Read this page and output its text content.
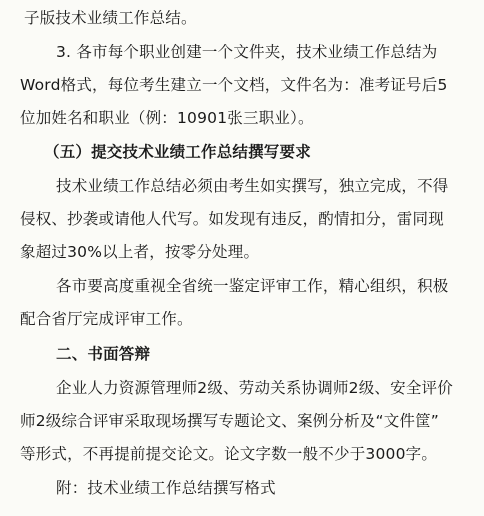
子版技术业绩工作总结。
3. 各市每个职业创建一个文件夹，技术业绩工作总结为
Word格式，每位考生建立一个文档，文件名为：准考证号后5
位加姓名和职业（例：10901张三职业）。
（五）提交技术业绩工作总结撰写要求
技术业绩工作总结必须由考生如实撰写，独立完成，不得
侵权、抄袭或请他人代写。如发现有违反，酌情扣分，雷同现
象超过30%以上者，按零分处理。
各市要高度重视全省统一鉴定评审工作，精心组织，积极
配合省厅完成评审工作。
二、书面答辩
企业人力资源管理师2级、劳动关系协调师2级、安全评价
师2级综合评审采取现场撰写专题论文、案例分析及“文件筐”
等形式，不再提前提交论文。论文字数一般不少于3000字。
附：技术业绩工作总结撰写格式
